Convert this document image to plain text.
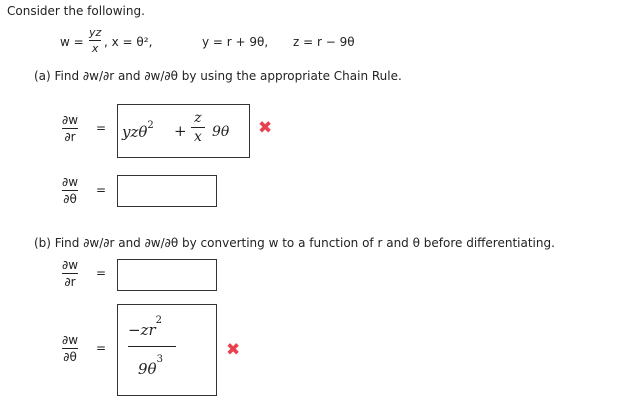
Consider the following.
w =
yz
x , x = θ²,	y = r + 9θ, z = r − 9θ
(a) Find ∂w/∂r and ∂w/∂θ by using the appropriate Chain Rule.
∂w
∂r
= yzθ$^2$ +
z
x 9θ ✖
∂w
∂θ
=
(b) Find ∂w/∂r and ∂w/∂θ by converting w to a function of r and θ before differentiating.
∂w
∂r
=
∂w
∂θ
=
$-zr^2$
$9\theta^3$	✖
